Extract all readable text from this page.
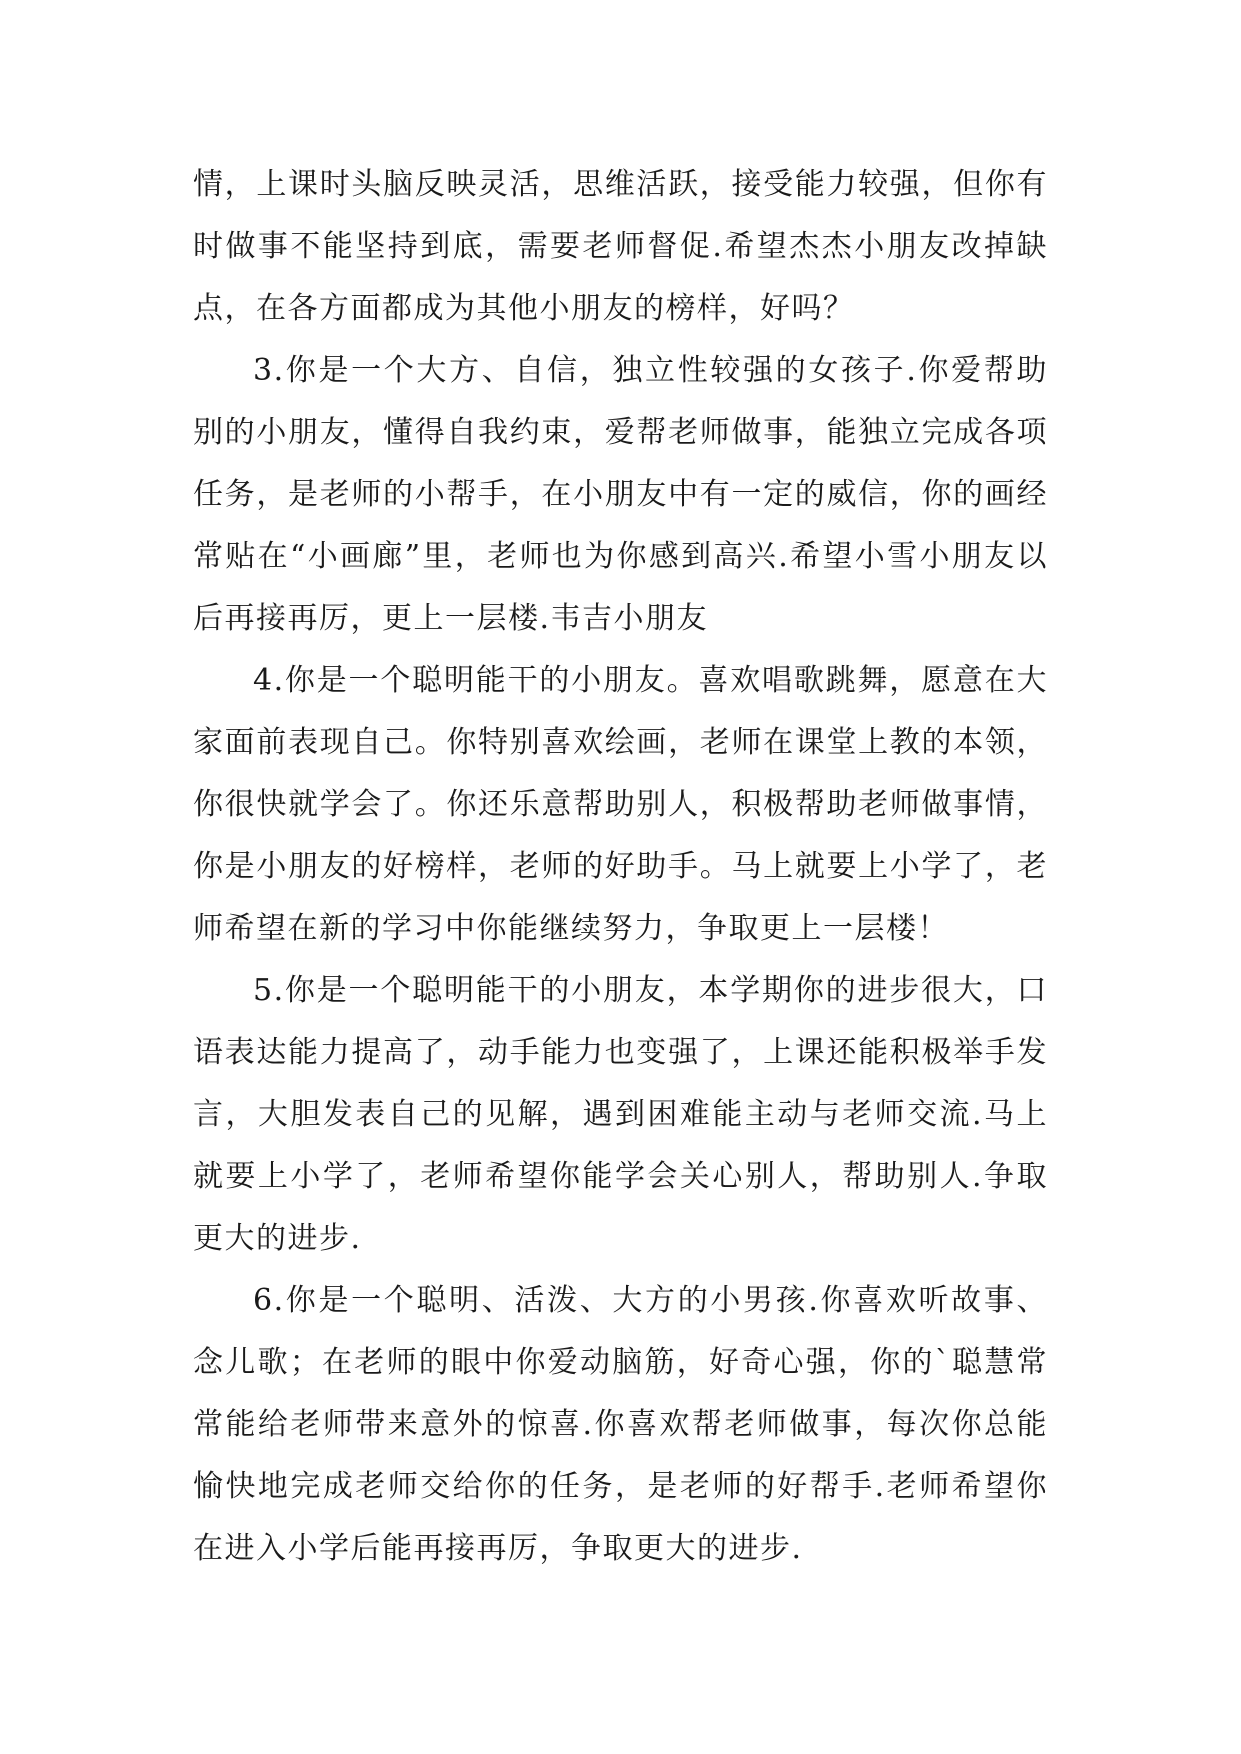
情，上课时头脑反映灵活，思维活跃，接受能力较强，但你有时做事不能坚持到底，需要老师督促.希望杰杰小朋友改掉缺点，在各方面都成为其他小朋友的榜样，好吗？

3.你是一个大方、自信，独立性较强的女孩子.你爱帮助别的小朋友，懂得自我约束，爱帮老师做事，能独立完成各项任务，是老师的小帮手，在小朋友中有一定的威信，你的画经常贴在“小画廊”里，老师也为你感到高兴.希望小雪小朋友以后再接再厉，更上一层楼.韦吉小朋友

4.你是一个聪明能干的小朋友。喜欢唱歌跳舞，愿意在大家面前表现自己。你特别喜欢绘画，老师在课堂上教的本领，你很快就学会了。你还乐意帮助别人，积极帮助老师做事情，你是小朋友的好榜样，老师的好助手。马上就要上小学了，老师希望在新的学习中你能继续努力，争取更上一层楼！

5.你是一个聪明能干的小朋友，本学期你的进步很大，口语表达能力提高了，动手能力也变强了，上课还能积极举手发言，大胆发表自己的见解，遇到困难能主动与老师交流.马上就要上小学了，老师希望你能学会关心别人，帮助别人.争取更大的进步.

6.你是一个聪明、活泼、大方的小男孩.你喜欢听故事、念儿歌；在老师的眼中你爱动脑筋，好奇心强，你的`聪慧常常能给老师带来意外的惊喜.你喜欢帮老师做事，每次你总能愉快地完成老师交给你的任务，是老师的好帮手.老师希望你在进入小学后能再接再厉，争取更大的进步.
